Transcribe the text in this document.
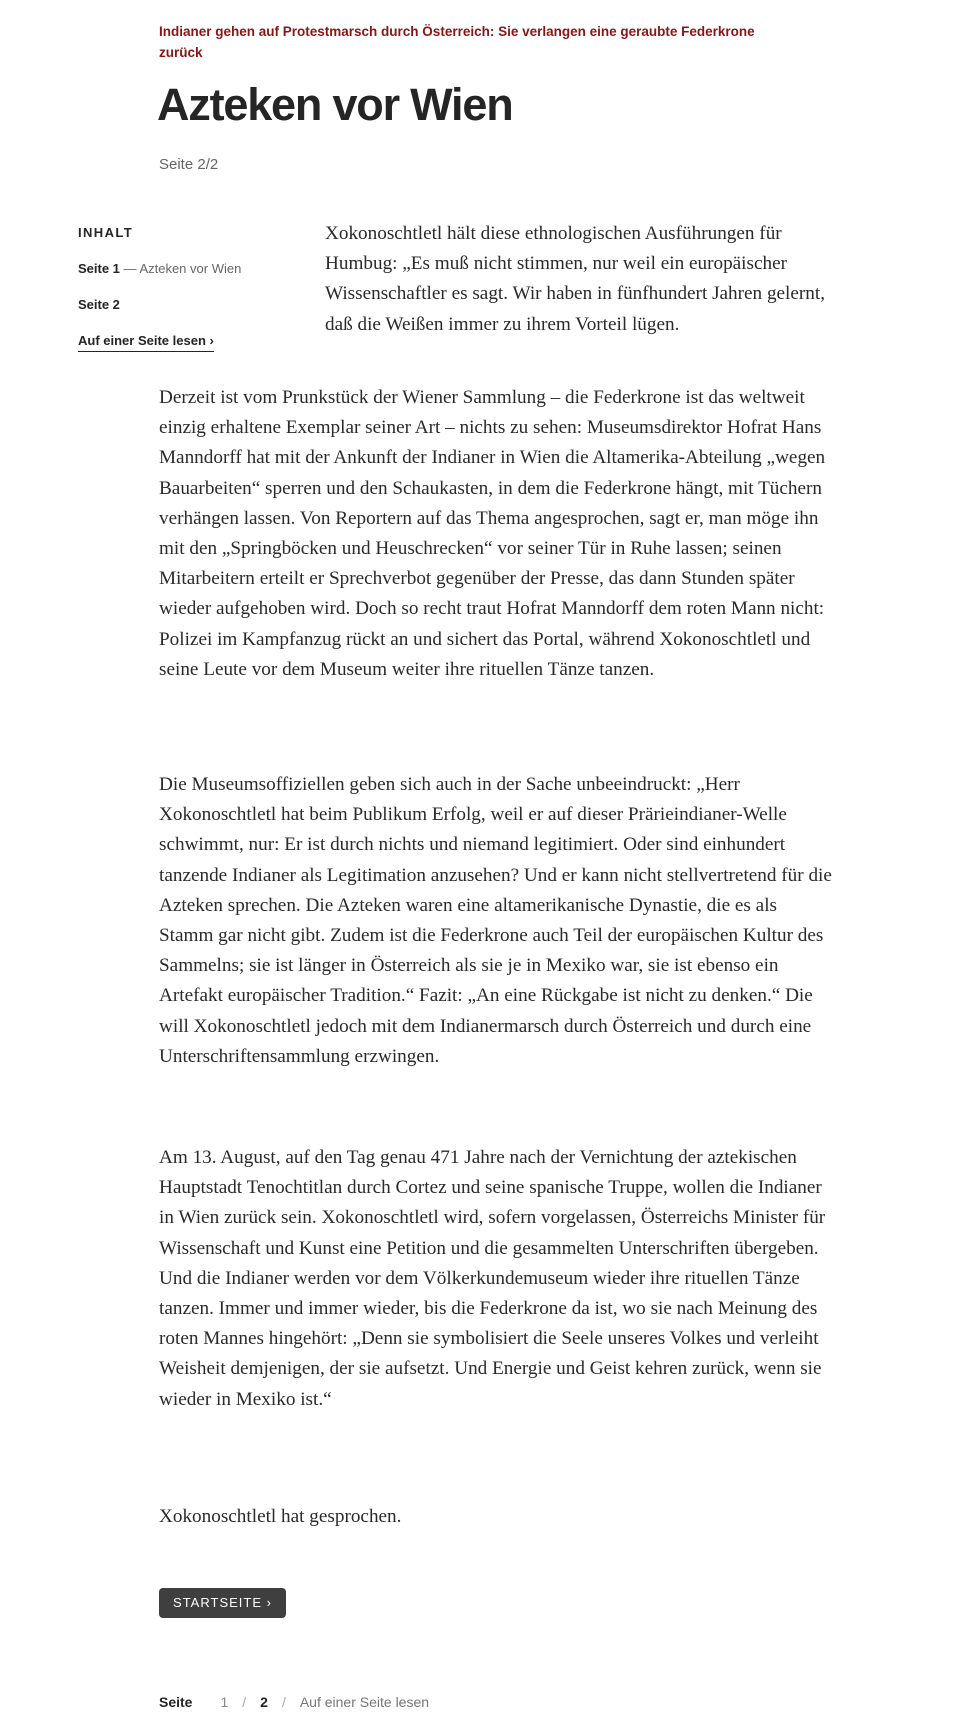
Indianer gehen auf Protestmarsch durch Österreich: Sie verlangen eine geraubte Federkrone zurück
Azteken vor Wien
Seite 2/2
INHALT
Seite 1 — Azteken vor Wien
Seite 2
Auf einer Seite lesen ›

Xokonoschtletl hält diese ethnologischen Ausführungen für Humbug: „Es muß nicht stimmen, nur weil ein europäischer Wissenschaftler es sagt. Wir haben in fünfhundert Jahren gelernt, daß die Weißen immer zu ihrem Vorteil lügen.

Derzeit ist vom Prunkstück der Wiener Sammlung – die Federkrone ist das weltweit einzig erhaltene Exemplar seiner Art – nichts zu sehen: Museumsdirektor Hofrat Hans Manndorff hat mit der Ankunft der Indianer in Wien die Altamerika-Abteilung „wegen Bauarbeiten“ sperren und den Schaukasten, in dem die Federkrone hängt, mit Tüchern verhängen lassen. Von Reportern auf das Thema angesprochen, sagt er, man möge ihn mit den „Springböcken und Heuschrecken“ vor seiner Tür in Ruhe lassen; seinen Mitarbeitern erteilt er Sprechverbot gegenüber der Presse, das dann Stunden später wieder aufgehoben wird. Doch so recht traut Hofrat Manndorff dem roten Mann nicht: Polizei im Kampfanzug rückt an und sichert das Portal, während Xokonoschtletl und seine Leute vor dem Museum weiter ihre rituellen Tänze tanzen.

Die Museumsoffiziellen geben sich auch in der Sache unbeeindruckt: „Herr Xokonoschtletl hat beim Publikum Erfolg, weil er auf dieser Prärieindianer-Welle schwimmt, nur: Er ist durch nichts und niemand legitimiert. Oder sind einhundert tanzende Indianer als Legitimation anzusehen? Und er kann nicht stellvertretend für die Azteken sprechen. Die Azteken waren eine altamerikanische Dynastie, die es als Stamm gar nicht gibt. Zudem ist die Federkrone auch Teil der europäischen Kultur des Sammelns; sie ist länger in Österreich als sie je in Mexiko war, sie ist ebenso ein Artefakt europäischer Tradition.“ Fazit: „An eine Rückgabe ist nicht zu denken.“ Die will Xokonoschtletl jedoch mit dem Indianermarsch durch Österreich und durch eine Unterschriftensammlung erzwingen.

Am 13. August, auf den Tag genau 471 Jahre nach der Vernichtung der aztekischen Hauptstadt Tenochtitlan durch Cortez und seine spanische Truppe, wollen die Indianer in Wien zurück sein. Xokonoschtletl wird, sofern vorgelassen, Österreichs Minister für Wissenschaft und Kunst eine Petition und die gesammelten Unterschriften übergeben. Und die Indianer werden vor dem Völkerkundemuseum wieder ihre rituellen Tänze tanzen. Immer und immer wieder, bis die Federkrone da ist, wo sie nach Meinung des roten Mannes hingehört: „Denn sie symbolisiert die Seele unseres Volkes und verleiht Weisheit demjenigen, der sie aufsetzt. Und Energie und Geist kehren zurück, wenn sie wieder in Mexiko ist.“

Xokonoschtletl hat gesprochen.

STARTSEITE ›
Seite 1 / 2 / Auf einer Seite lesen
